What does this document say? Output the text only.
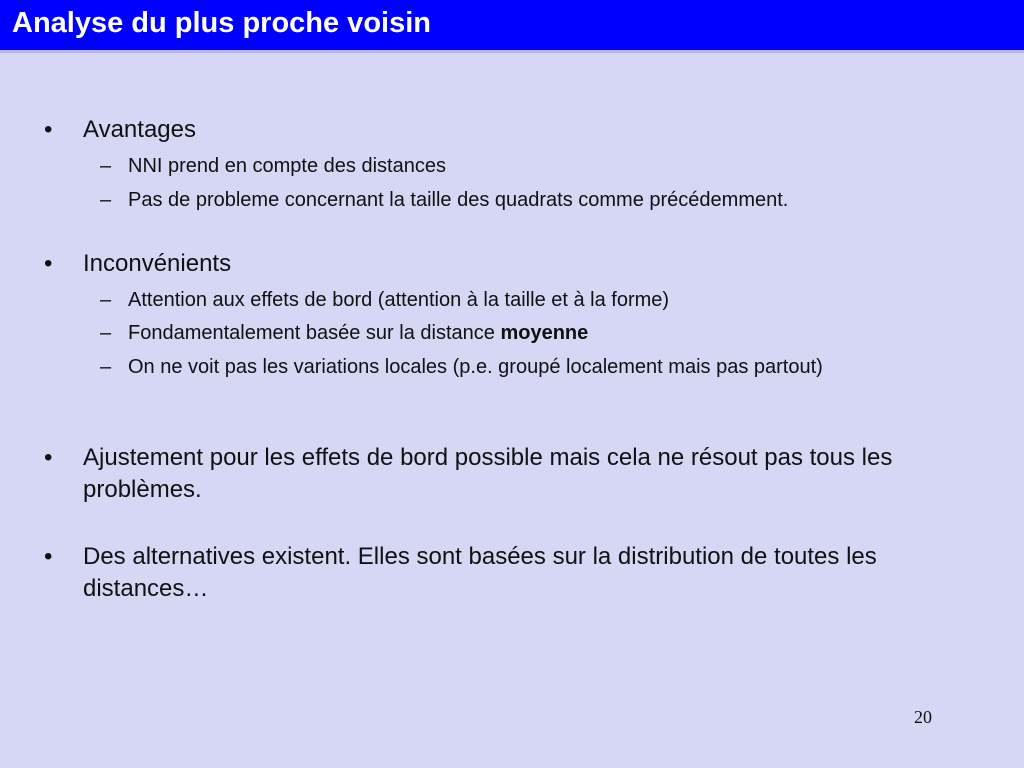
Analyse du plus proche voisin
• Avantages
– NNI prend en compte des distances
– Pas de probleme concernant la taille des quadrats comme précédemment.
• Inconvénients
– Attention aux effets de bord (attention à la taille et à la forme)
– Fondamentalement basée sur la distance moyenne
– On ne voit pas les variations locales (p.e. groupé localement mais pas partout)
• Ajustement pour les effets de bord possible mais cela ne résout pas tous les problèmes.
• Des alternatives existent. Elles sont basées sur la distribution de toutes les distances…
20
